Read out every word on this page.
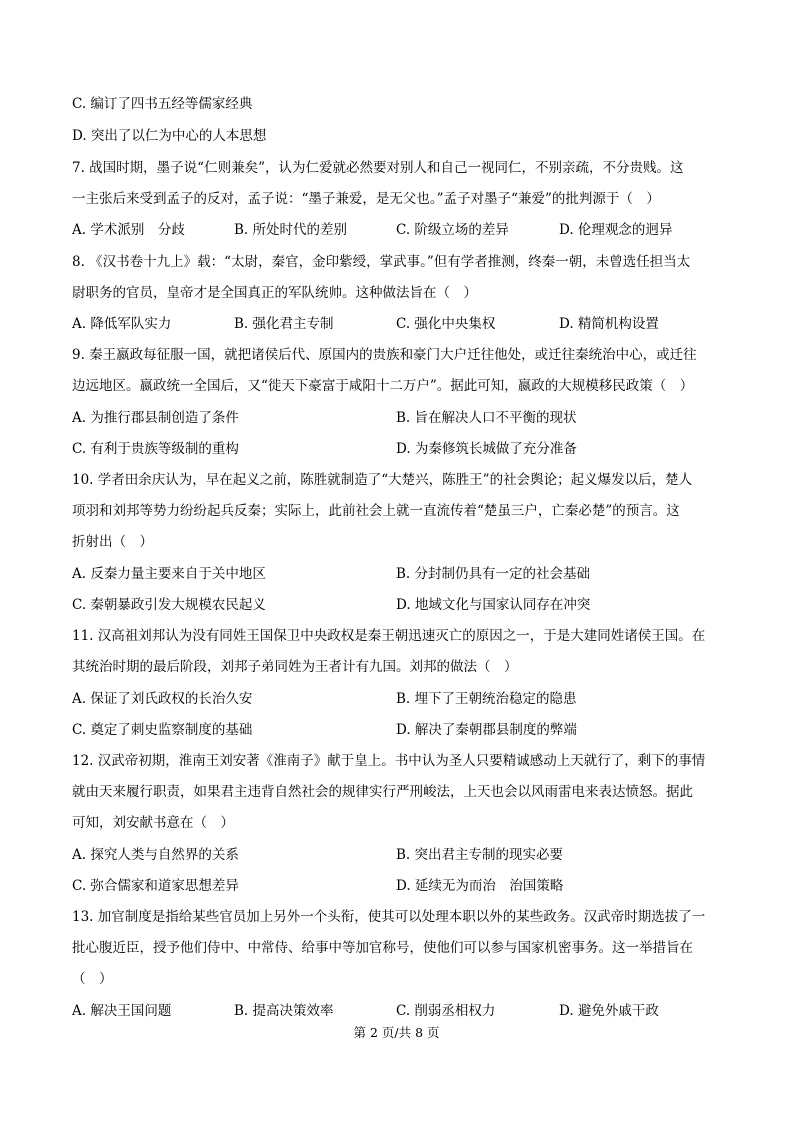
C. 编订了四书五经等儒家经典
D. 突出了以仁为中心的人本思想
7. 战国时期，墨子说“仁则兼矣”，认为仁爱就必然要对别人和自己一视同仁，不别亲疏，不分贵贱。这
一主张后来受到孟子的反对，孟子说：“墨子兼爱，是无父也。”孟子对墨子“兼爱”的批判源于（　）
A. 学术派别　分歧	B. 所处时代的差别	C. 阶级立场的差异	D. 伦理观念的迥异
8. 《汉书卷十九上》载：“太尉，秦官，金印紫绶，掌武事。”但有学者推测，终秦一朝，未曾选任担当太
尉职务的官员，皇帝才是全国真正的军队统帅。这种做法旨在（　）
A. 降低军队实力	B. 强化君主专制	C. 强化中央集权	D. 精简机构设置
9. 秦王嬴政每征服一国，就把诸侯后代、原国内的贵族和豪门大户迁往他处，或迁往秦统治中心，或迁往
边远地区。嬴政统一全国后，又“徙天下豪富于咸阳十二万户”。据此可知，嬴政的大规模移民政策（　）
A. 为推行郡县制创造了条件	B. 旨在解决人口不平衡的现状
C. 有利于贵族等级制的重构	D. 为秦修筑长城做了充分准备
10. 学者田余庆认为，早在起义之前，陈胜就制造了“大楚兴，陈胜王”的社会舆论；起义爆发以后，楚人
项羽和刘邦等势力纷纷起兵反秦；实际上，此前社会上就一直流传着“楚虽三户，亡秦必楚”的预言。这
折射出（　）
A. 反秦力量主要来自于关中地区	B. 分封制仍具有一定的社会基础
C. 秦朝暴政引发大规模农民起义	D. 地域文化与国家认同存在冲突
11. 汉高祖刘邦认为没有同姓王国保卫中央政权是秦王朝迅速灭亡的原因之一，于是大建同姓诸侯王国。在
其统治时期的最后阶段，刘邦子弟同姓为王者计有九国。刘邦的做法（　）
A. 保证了刘氏政权的长治久安	B. 埋下了王朝统治稳定的隐患
C. 奠定了刺史监察制度的基础	D. 解决了秦朝郡县制度的弊端
12. 汉武帝初期，淮南王刘安著《淮南子》献于皇上。书中认为圣人只要精诚感动上天就行了，剩下的事情
就由天来履行职责，如果君主违背自然社会的规律实行严刑峻法，上天也会以风雨雷电来表达愤怒。据此
可知，刘安献书意在（　）
A. 探究人类与自然界的关系	B. 突出君主专制的现实必要
C. 弥合儒家和道家思想差异	D. 延续无为而治　治国策略
13. 加官制度是指给某些官员加上另外一个头衔，使其可以处理本职以外的某些政务。汉武帝时期选拔了一
批心腹近臣，授予他们侍中、中常侍、给事中等加官称号，使他们可以参与国家机密事务。这一举措旨在
（　）
A. 解决王国问题	B. 提高决策效率	C. 削弱丞相权力	D. 避免外戚干政
第 2 页/共 8 页
